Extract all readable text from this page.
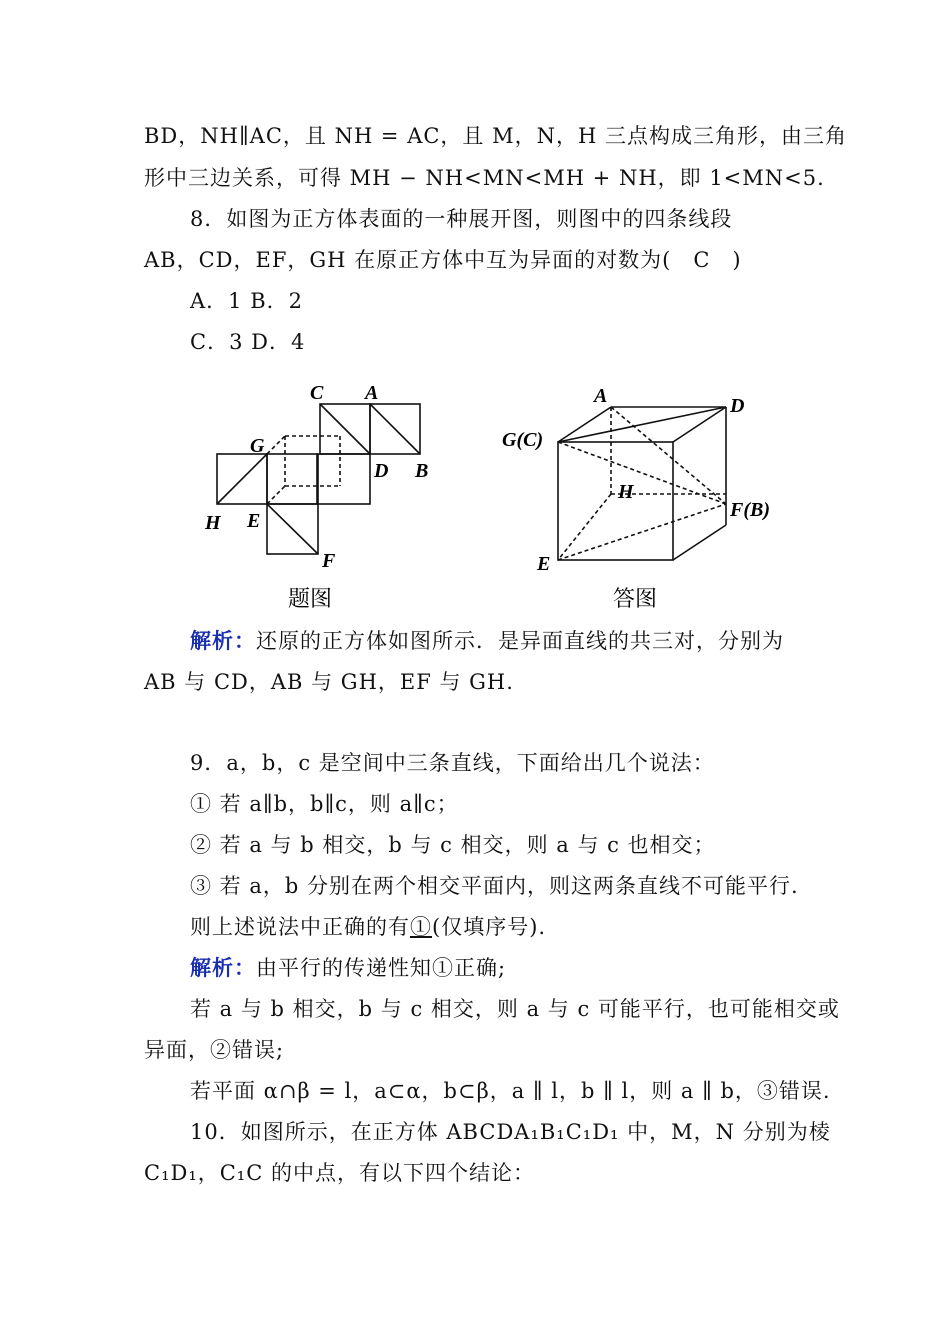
BD，NH∥AC，且 NH = AC，且 M，N，H 三点构成三角形，由三角
形中三边关系，可得 MH − NH<MN<MH + NH，即 1<MN<5.
8．如图为正方体表面的一种展开图，则图中的四条线段
AB，CD，EF，GH 在原正方体中互为异面的对数为(　C　)
A．1 B．2
C．3 D．4
C A
G
D B
H E
F
题图
A	D
G(C)
H
F(B)
E
答图
解析：还原的正方体如图所示．是异面直线的共三对，分别为
AB 与 CD，AB 与 GH，EF 与 GH.
9．a，b，c 是空间中三条直线，下面给出几个说法：
① 若 a∥b，b∥c，则 a∥c；
② 若 a 与 b 相交，b 与 c 相交，则 a 与 c 也相交；
③ 若 a，b 分别在两个相交平面内，则这两条直线不可能平行.
则上述说法中正确的有①(仅填序号).
解析：由平行的传递性知①正确;
若 a 与 b 相交，b 与 c 相交，则 a 与 c 可能平行，也可能相交或
异面，②错误;
若平面 α∩β = l，a⊂α，b⊂β，a ∥ l，b ∥ l，则 a ∥ b，③错误.
10．如图所示，在正方体 ABCDA₁B₁C₁D₁ 中，M，N 分别为棱
C₁D₁，C₁C 的中点，有以下四个结论：
